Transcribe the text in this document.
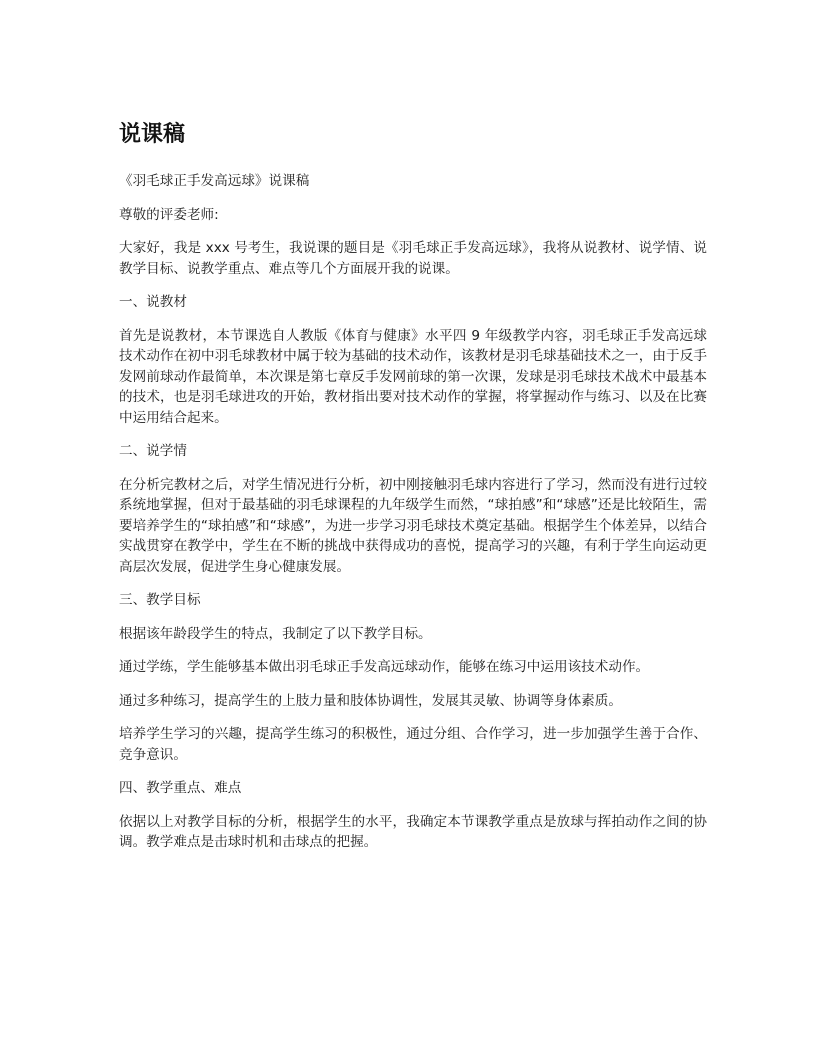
说课稿

《羽毛球正手发高远球》说课稿

尊敬的评委老师:

大家好，我是 xxx 号考生，我说课的题目是《羽毛球正手发高远球》，我将从说教材、说学情、说教学目标、说教学重点、难点等几个方面展开我的说课。

一、说教材

首先是说教材，本节课选自人教版《体育与健康》水平四 9 年级教学内容，羽毛球正手发高远球技术动作在初中羽毛球教材中属于较为基础的技术动作，该教材是羽毛球基础技术之一，由于反手发网前球动作最简单，本次课是第七章反手发网前球的第一次课，发球是羽毛球技术战术中最基本的技术，也是羽毛球进攻的开始，教材指出要对技术动作的掌握，将掌握动作与练习、以及在比赛中运用结合起来。

二、说学情

在分析完教材之后，对学生情况进行分析，初中刚接触羽毛球内容进行了学习，然而没有进行过较系统地掌握，但对于最基础的羽毛球课程的九年级学生而然，“球拍感”和“球感”还是比较陌生，需要培养学生的“球拍感”和“球感”，为进一步学习羽毛球技术奠定基础。根据学生个体差异，以结合实战贯穿在教学中，学生在不断的挑战中获得成功的喜悦，提高学习的兴趣，有利于学生向运动更高层次发展，促进学生身心健康发展。

三、教学目标

根据该年龄段学生的特点，我制定了以下教学目标。

通过学练，学生能够基本做出羽毛球正手发高远球动作，能够在练习中运用该技术动作。

通过多种练习，提高学生的上肢力量和肢体协调性，发展其灵敏、协调等身体素质。

培养学生学习的兴趣，提高学生练习的积极性，通过分组、合作学习，进一步加强学生善于合作、竞争意识。

四、教学重点、难点

依据以上对教学目标的分析，根据学生的水平，我确定本节课教学重点是放球与挥拍动作之间的协调。教学难点是击球时机和击球点的把握。
